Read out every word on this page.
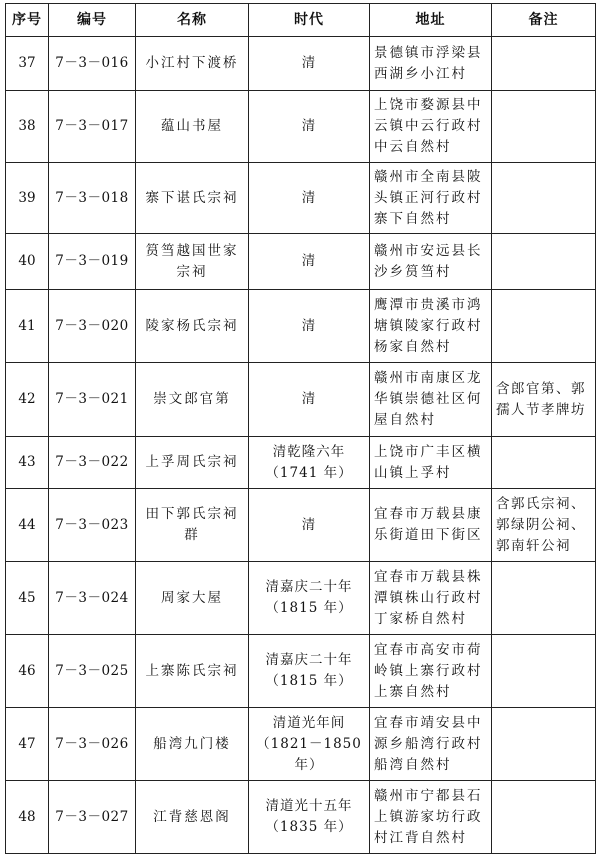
序号	编号	名称	时代	地址	备注
37	7－3－016	小江村下渡桥	清	景德镇市浮梁县
西湖乡小江村	

38	7－3－017	蕴山书屋	清	上饶市婺源县中
云镇中云行政村
中云自然村	

39	7－3－018	寨下谌氏宗祠	清	赣州市全南县陂
头镇正河行政村
寨下自然村	

40	7－3－019	筼筜越国世家
宗祠	清	赣州市安远县长
沙乡筼筜村	

41	7－3－020	陵家杨氏宗祠	清	鹰潭市贵溪市鸿
塘镇陵家行政村
杨家自然村	

42	7－3－021	崇文郎官第	清	赣州市南康区龙
华镇崇德社区何
屋自然村	含郎官第、郭
孺人节孝牌坊

43	7－3－022	上孚周氏宗祠	清乾隆六年
（1741 年）	上饶市广丰区横
山镇上孚村	

44	7－3－023	田下郭氏宗祠群	清	宜春市万载县康
乐街道田下街区	含郭氏宗祠、
郭绿阴公祠、
郭南轩公祠

45	7－3－024	周家大屋	清嘉庆二十年
（1815 年）	宜春市万载县株
潭镇株山行政村
丁家桥自然村	

46	7－3－025	上寨陈氏宗祠	清嘉庆二十年
（1815 年）	宜春市高安市荷
岭镇上寨行政村
上寨自然村	

47	7－3－026	船湾九门楼	清道光年间
（1821－1850 年）	宜春市靖安县中
源乡船湾行政村
船湾自然村	

48	7－3－027	江背慈恩阁	清道光十五年
（1835 年）	赣州市宁都县石
上镇游家坊行政
村江背自然村	
